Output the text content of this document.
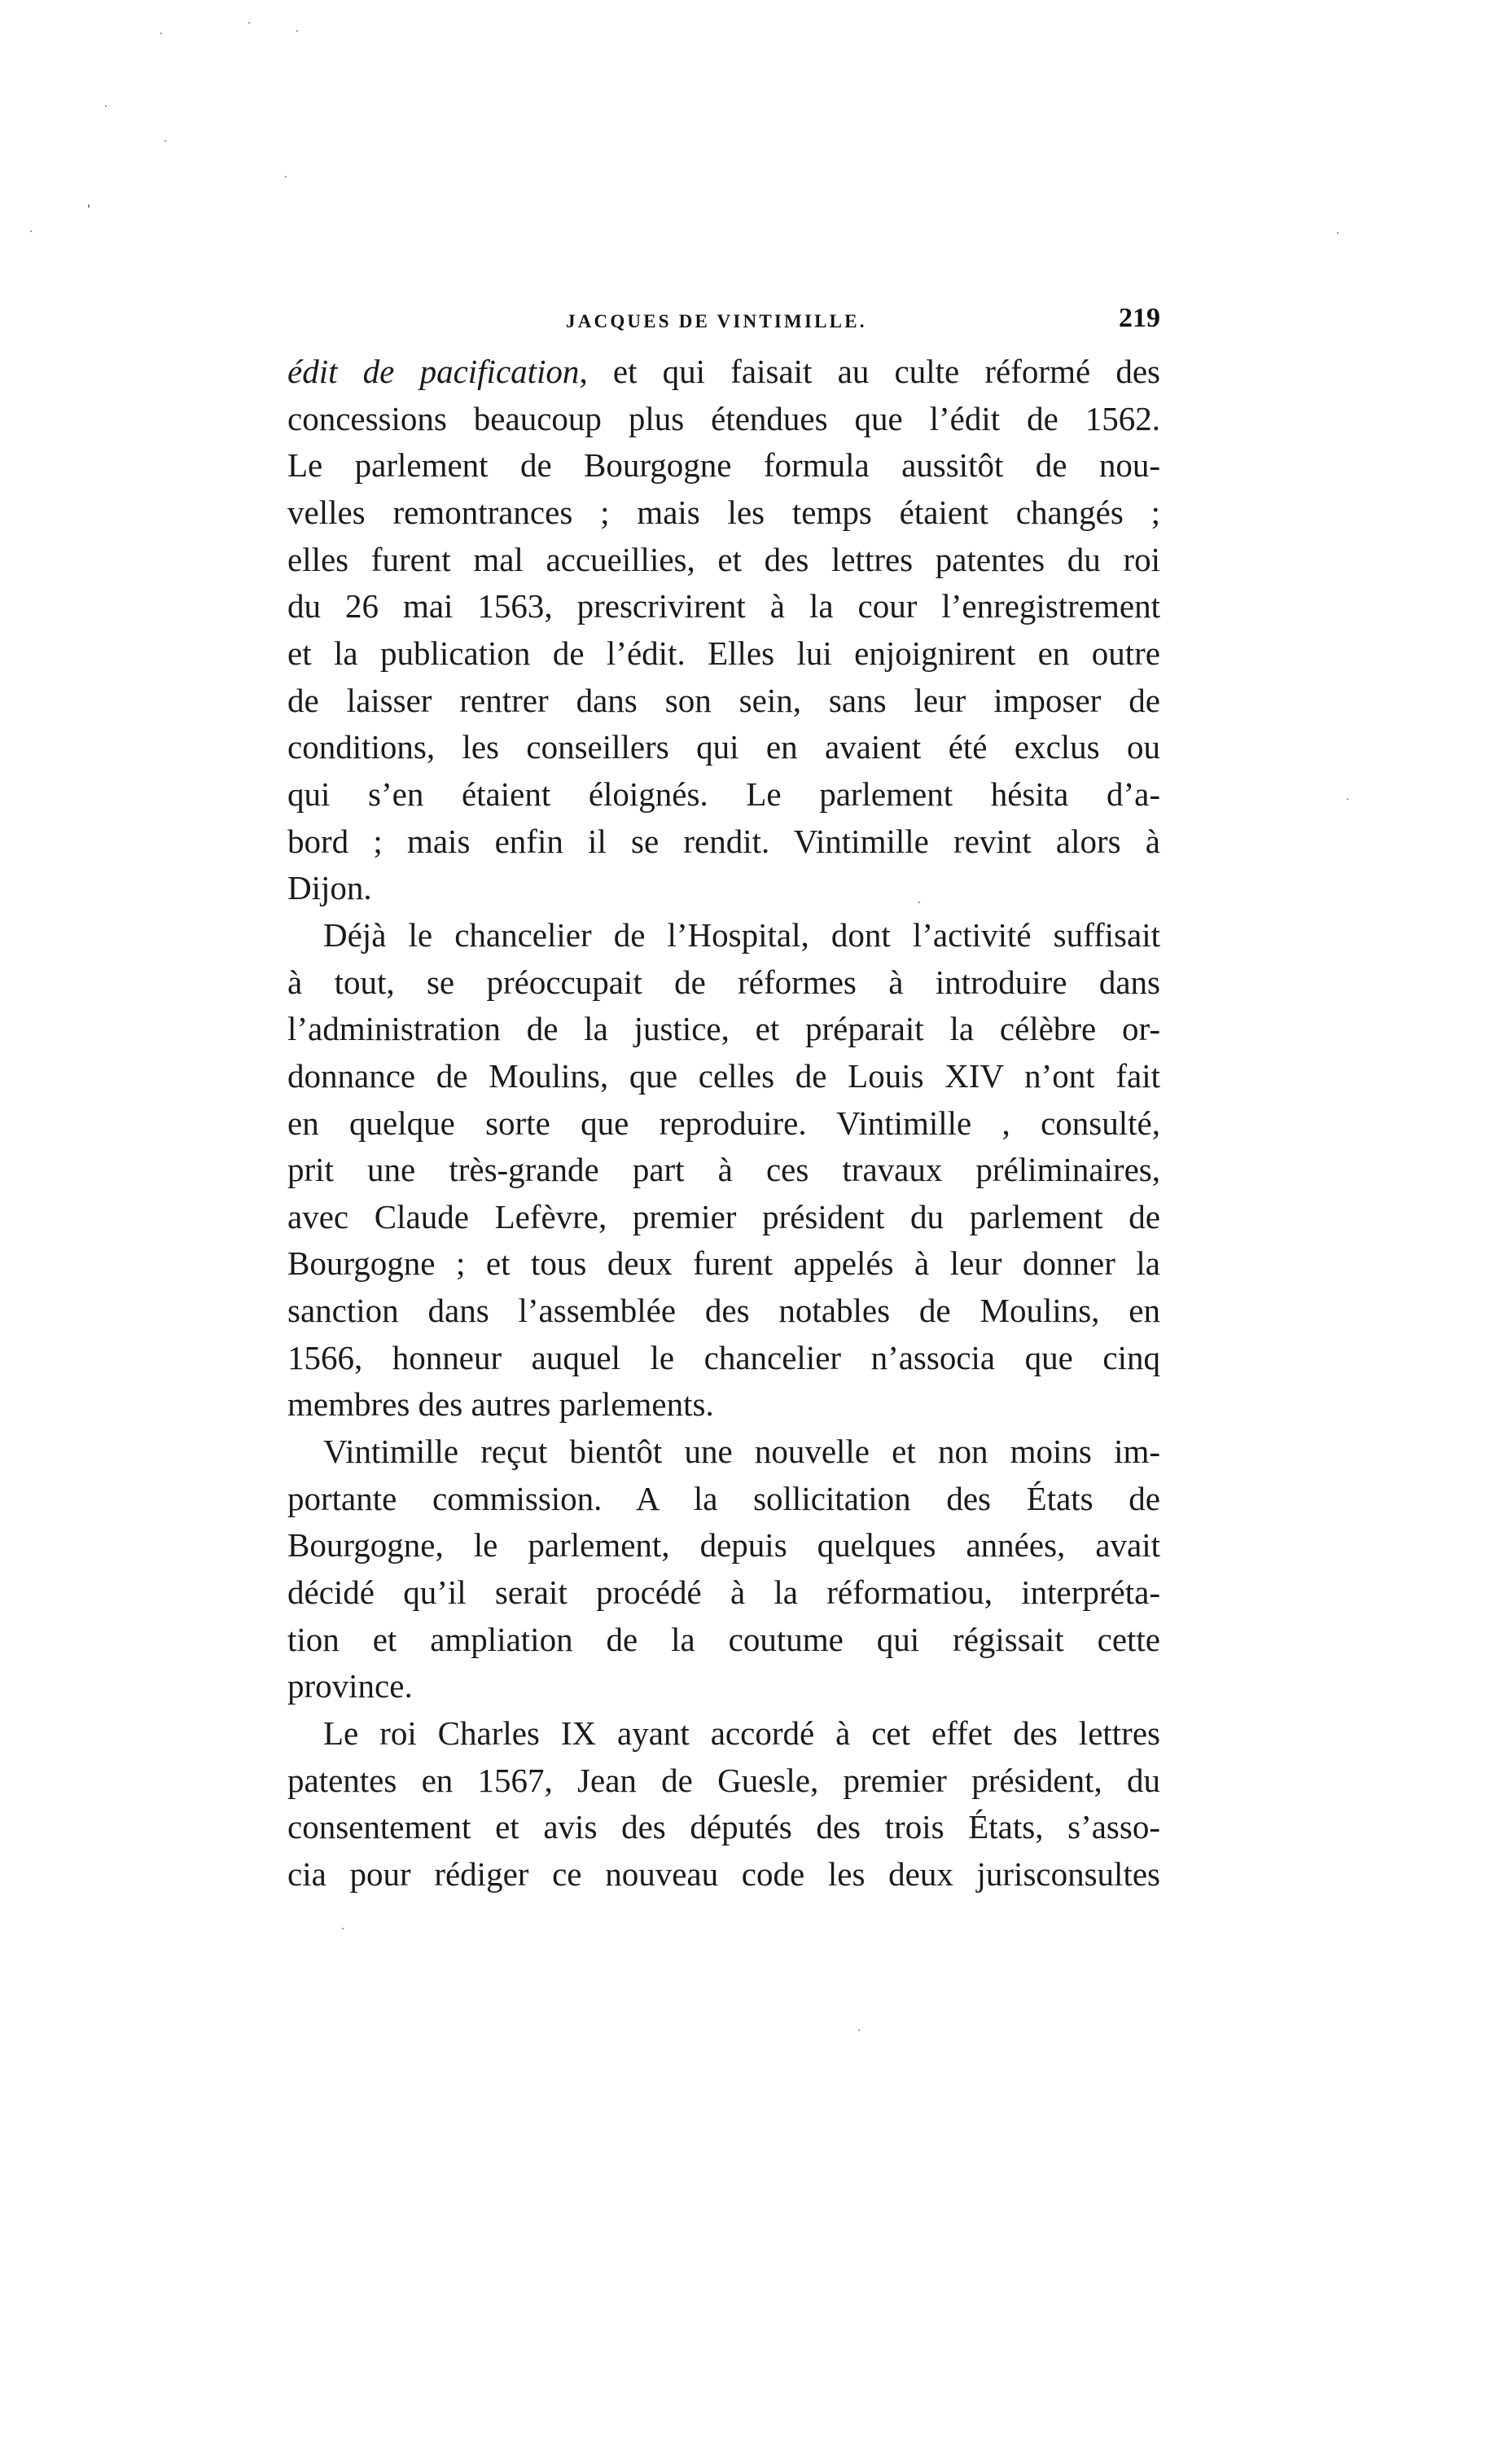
JACQUES DE VINTIMILLE.	219
édit de pacification, et qui faisait au culte réformé des
concessions beaucoup plus étendues que l’édit de 1562.
Le parlement de Bourgogne formula aussitôt de nou-
velles remontrances ; mais les temps étaient changés ;
elles furent mal accueillies, et des lettres patentes du roi
du 26 mai 1563, prescrivirent à la cour l’enregistrement
et la publication de l’édit. Elles lui enjoignirent en outre
de laisser rentrer dans son sein, sans leur imposer de
conditions, les conseillers qui en avaient été exclus ou
qui s’en étaient éloignés. Le parlement hésita d’a-
bord ; mais enfin il se rendit. Vintimille revint alors à
Dijon.
Déjà le chancelier de l’Hospital, dont l’activité suffisait
à tout, se préoccupait de réformes à introduire dans
l’administration de la justice, et préparait la célèbre or-
donnance de Moulins, que celles de Louis XIV n’ont fait
en quelque sorte que reproduire. Vintimille , consulté,
prit une très-grande part à ces travaux préliminaires,
avec Claude Lefèvre, premier président du parlement de
Bourgogne ; et tous deux furent appelés à leur donner la
sanction dans l’assemblée des notables de Moulins, en
1566, honneur auquel le chancelier n’associa que cinq
membres des autres parlements.
Vintimille reçut bientôt une nouvelle et non moins im-
portante commission. A la sollicitation des États de
Bourgogne, le parlement, depuis quelques années, avait
décidé qu’il serait procédé à la réformatiou, interpréta-
tion et ampliation de la coutume qui régissait cette
province.
Le roi Charles IX ayant accordé à cet effet des lettres
patentes en 1567, Jean de Guesle, premier président, du
consentement et avis des députés des trois États, s’asso-
cia pour rédiger ce nouveau code les deux jurisconsultes
